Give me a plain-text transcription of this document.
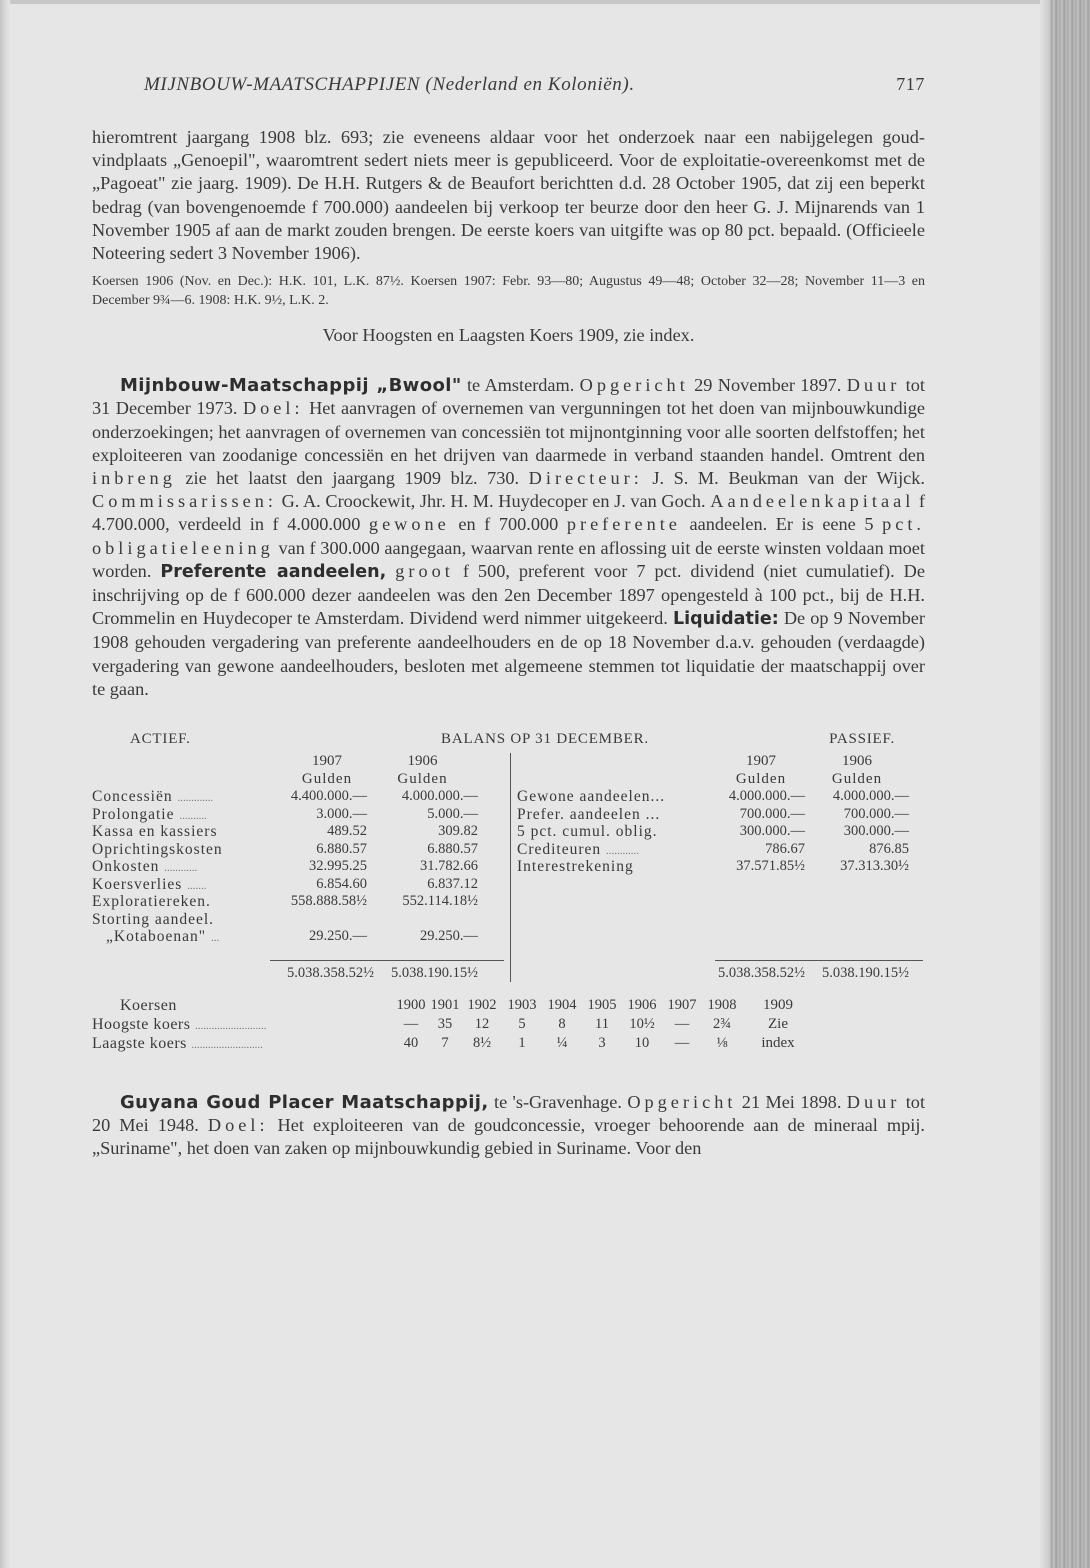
MIJNBOUW-MAATSCHAPPIJEN (Nederland en Koloniën).	717

hieromtrent jaargang 1908 blz. 693; zie eveneens aldaar voor het onderzoek naar een nabijgelegen goud-vindplaats „Genoepil", waaromtrent sedert niets meer is gepubliceerd. Voor de exploitatie-overeenkomst met de „Pagoeat" zie jaarg. 1909). De H.H. Rutgers & de Beaufort berichtten d.d. 28 October 1905, dat zij een beperkt bedrag (van bovengenoemde f 700.000) aandeelen bij verkoop ter beurze door den heer G. J. Mijnarends van 1 November 1905 af aan de markt zouden brengen. De eerste koers van uitgifte was op 80 pct. bepaald. (Officieele Noteering sedert 3 November 1906).

Koersen 1906 (Nov. en Dec.): H.K. 101, L.K. 87½. Koersen 1907: Febr. 93—80; Augustus 49—48; October 32—28; November 11—3 en December 9¾—6. 1908: H.K. 9½, L.K. 2.

Voor Hoogsten en Laagsten Koers 1909, zie index.

Mijnbouw-Maatschappij „Bwool" te Amsterdam. Opgericht 29 November 1897. Duur tot 31 December 1973. Doel: Het aanvragen of overnemen van vergunningen tot het doen van mijnbouwkundige onderzoekingen; het aanvragen of overnemen van concessiën tot mijnontginning voor alle soorten delfstoffen; het exploiteeren van zoodanige concessiën en het drijven van daarmede in verband staanden handel. Omtrent den inbreng zie het laatst den jaargang 1909 blz. 730. Directeur: J. S. M. Beukman van der Wijck. Commissarissen: G. A. Croockewit, Jhr. H. M. Huydecoper en J. van Goch. Aandeelenkapitaal f 4.700.000, verdeeld in f 4.000.000 gewone en f 700.000 preferente aandeelen. Er is eene 5 pct. obligatieleening van f 300.000 aangegaan, waarvan rente en aflossing uit de eerste winsten voldaan moet worden. Preferente aandeelen, groot f 500, preferent voor 7 pct. dividend (niet cumulatief). De inschrijving op de f 600.000 dezer aandeelen was den 2en December 1897 opengesteld à 100 pct., bij de H.H. Crommelin en Huydecoper te Amsterdam. Dividend werd nimmer uitgekeerd. Liquidatie: De op 9 November 1908 gehouden vergadering van preferente aandeelhouders en de op 18 November d.a.v. gehouden (verdaagde) vergadering van gewone aandeelhouders, besloten met algemeene stemmen tot liquidatie der maatschappij over te gaan.

ACTIEF.	BALANS OP 31 DECEMBER.	PASSIEF.
1907	1906
Gulden	Gulden
Concessiën .............	4.400.000.—	4.000.000.—
Prolongatie ..........	3.000.—	5.000.—
Kassa en kassiers	489.52	309.82
Oprichtingskosten	6.880.57	6.880.57
Onkosten ............	32.995.25	31.782.66
Koersverlies .......	6.854.60	6.837.12
Exploratiereken.	558.888.58½	552.114.18½
Storting aandeel.
„Kotaboenan" ...	29.250.—	29.250.—
5.038.358.52½	5.038.190.15½
1907	1906
Gulden	Gulden
Gewone aandeelen...	4.000.000.—	4.000.000.—
Prefer. aandeelen ...	700.000.—	700.000.—
5 pct. cumul. oblig.	300.000.—	300.000.—
Crediteuren ............	786.67	876.85
Interestrekening	37.571.85½	37.313.30½
5.038.358.52½	5.038.190.15½
Koersen	1900 1901 1902 1903 1904 1905 1906 1907 1908	1909
Hoogste koers ..........................	—	35	12	5	8	11	10½	—	2¾	Zie
Laagste koers ..........................	40	7	8½	1	¼	3	10	—	⅛	index

Guyana Goud Placer Maatschappij, te 's-Gravenhage. Opgericht 21 Mei 1898. Duur tot 20 Mei 1948. Doel: Het exploiteeren van de goudconcessie, vroeger behoorende aan de mineraal mpij. „Suriname", het doen van zaken op mijnbouwkundig gebied in Suriname. Voor den
